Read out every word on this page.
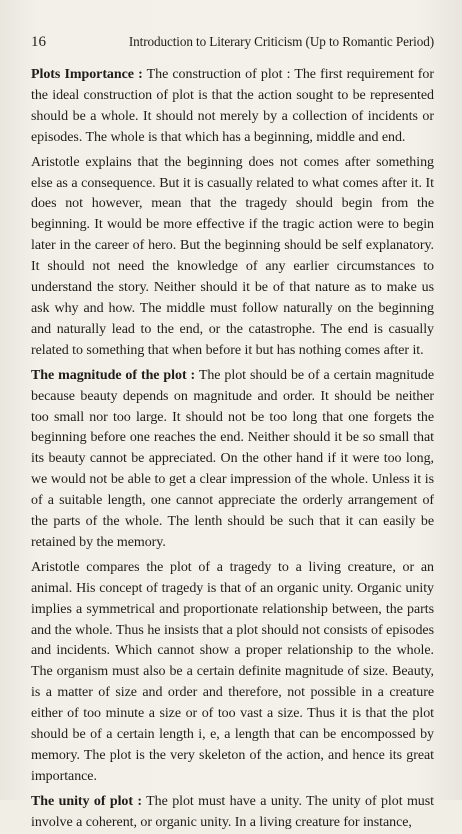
16	Introduction to Literary Criticism (Up to Romantic Period)

Plots Importance : The construction of plot : The first requirement for the ideal construction of plot is that the action sought to be represented should be a whole. It should not merely by a collection of incidents or episodes. The whole is that which has a beginning, middle and end.

Aristotle explains that the beginning does not comes after something else as a consequence. But it is casually related to what comes after it. It does not however, mean that the tragedy should begin from the beginning. It would be more effective if the tragic action were to begin later in the career of hero. But the beginning should be self explanatory. It should not need the knowledge of any earlier circumstances to understand the story. Neither should it be of that nature as to make us ask why and how. The middle must follow naturally on the beginning and naturally lead to the end, or the catastrophe. The end is casually related to something that when before it but has nothing comes after it.

The magnitude of the plot : The plot should be of a certain magnitude because beauty depends on magnitude and order. It should be neither too small nor too large. It should not be too long that one forgets the beginning before one reaches the end. Neither should it be so small that its beauty cannot be appreciated. On the other hand if it were too long, we would not be able to get a clear impression of the whole. Unless it is of a suitable length, one cannot appreciate the orderly arrangement of the parts of the whole. The lenth should be such that it can easily be retained by the memory.

Aristotle compares the plot of a tragedy to a living creature, or an animal. His concept of tragedy is that of an organic unity. Organic unity implies a symmetrical and proportionate relationship between, the parts and the whole. Thus he insists that a plot should not consists of episodes and incidents. Which cannot show a proper relationship to the whole. The organism must also be a certain definite magnitude of size. Beauty, is a matter of size and order and therefore, not possible in a creature either of too minute a size or of too vast a size. Thus it is that the plot should be of a certain length i, e, a length that can be encompossed by memory. The plot is the very skeleton of the action, and hence its great importance.

The unity of plot : The plot must have a unity. The unity of plot must involve a coherent, or organic unity. In a living creature for instance,
